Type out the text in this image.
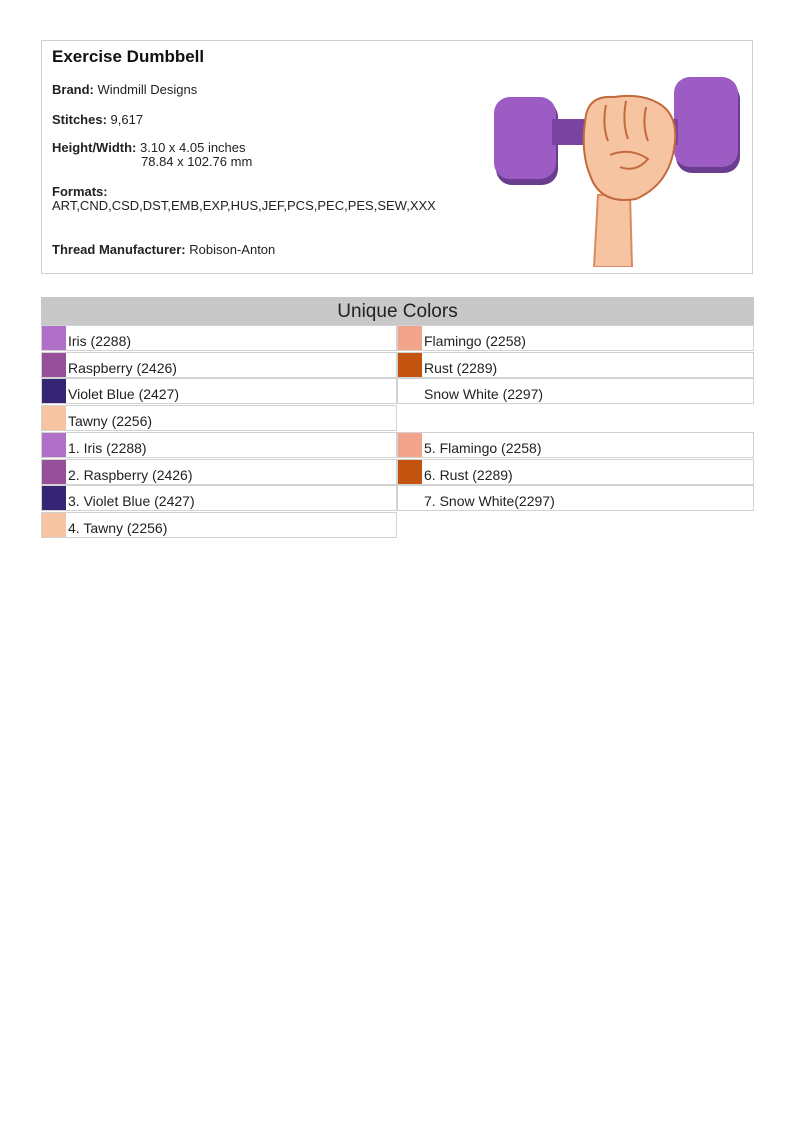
Exercise Dumbbell
Brand: Windmill Designs
Stitches: 9,617
Height/Width: 3.10 x 4.05 inches
78.84 x 102.76 mm
Formats:
ART,CND,CSD,DST,EMB,EXP,HUS,JEF,PCS,PEC,PES,SEW,XXX
Thread Manufacturer: Robison-Anton
Unique Colors
Iris (2288)
Raspberry (2426)
Violet Blue (2427)
Tawny (2256)
1. Iris (2288)
2. Raspberry (2426)
3. Violet Blue (2427)
4. Tawny (2256)
Flamingo (2258)
Rust (2289)
Snow White (2297)
5. Flamingo (2258)
6. Rust (2289)
7. Snow White(2297)
